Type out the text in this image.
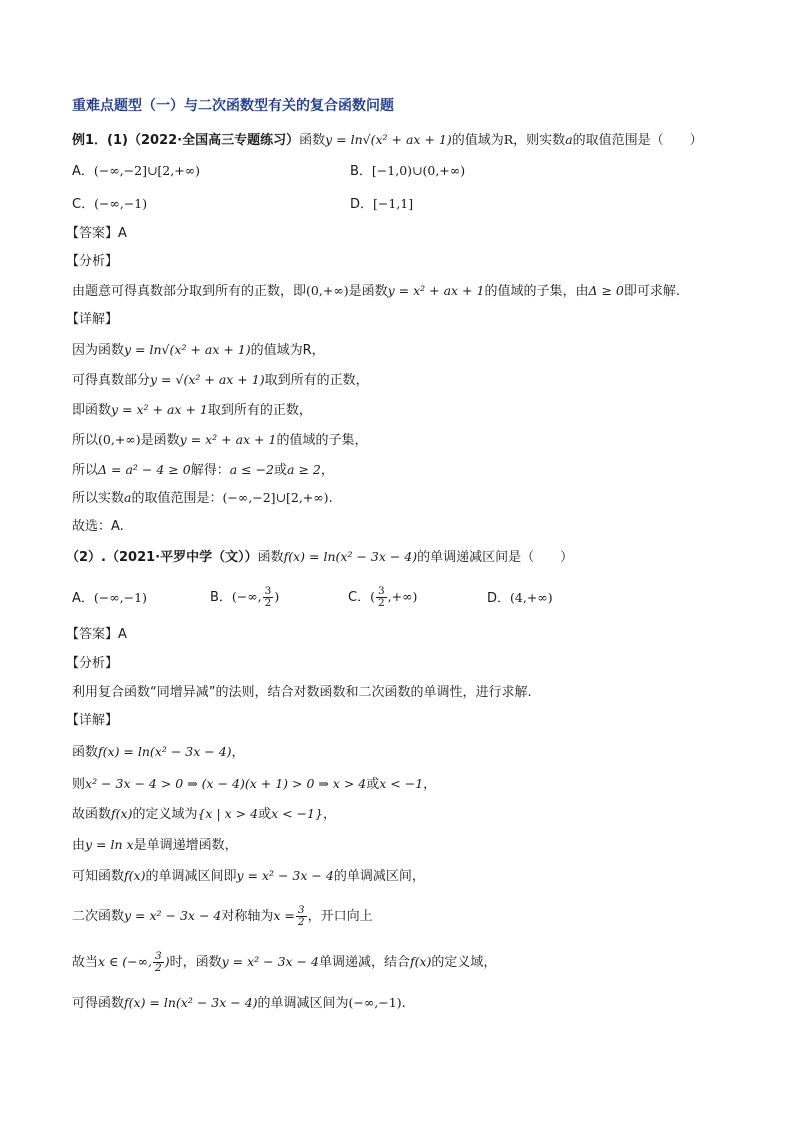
重难点题型（一）与二次函数型有关的复合函数问题
例1．(1)（2022·全国高三专题练习）函数y = ln√(x² + ax + 1)的值域为R，则实数a的取值范围是（　　）
A．(−∞,−2]∪[2,+∞)	B．[−1,0)∪(0,+∞)
C．(−∞,−1)	D．[−1,1]
【答案】A
【分析】
由题意可得真数部分取到所有的正数，即(0,+∞)是函数y = x² + ax + 1的值域的子集，由Δ ≥ 0即可求解.
【详解】
因为函数y = ln√(x² + ax + 1)的值域为R，
可得真数部分y = √(x² + ax + 1)取到所有的正数，
即函数y = x² + ax + 1取到所有的正数，
所以(0,+∞)是函数y = x² + ax + 1的值域的子集，
所以Δ = a² − 4 ≥ 0解得：a ≤ −2或a ≥ 2，
所以实数a的取值范围是：(−∞,−2]∪[2,+∞).
故选：A.
（2）.（2021·平罗中学（文））函数f(x) = ln(x² − 3x − 4)的单调递减区间是（　　）
A．(−∞,−1)	B．(−∞, $\frac{3}{2}$ )	C．( $\frac{3}{2}$ ,+∞)	D．(4,+∞)
【答案】A
【分析】
利用复合函数“同增异减”的法则，结合对数函数和二次函数的单调性，进行求解.
【详解】
函数f(x) = ln(x² − 3x − 4)，
则x² − 3x − 4 > 0 ⇒ (x − 4)(x + 1) > 0 ⇒ x > 4或x < −1，
故函数f(x)的定义域为{x | x > 4或x < −1}，
由y = ln x是单调递增函数，
可知函数f(x)的单调减区间即y = x² − 3x − 4的单调减区间，
二次函数y = x² − 3x − 4对称轴为$x = \frac{3}{2}$ ，开口向上
故当x ∈ (−∞, $\frac{3}{2}$ )时，函数y = x² − 3x − 4单调递减，结合f(x)的定义域，
可得函数f(x) = ln(x² − 3x − 4)的单调减区间为(−∞,−1).
